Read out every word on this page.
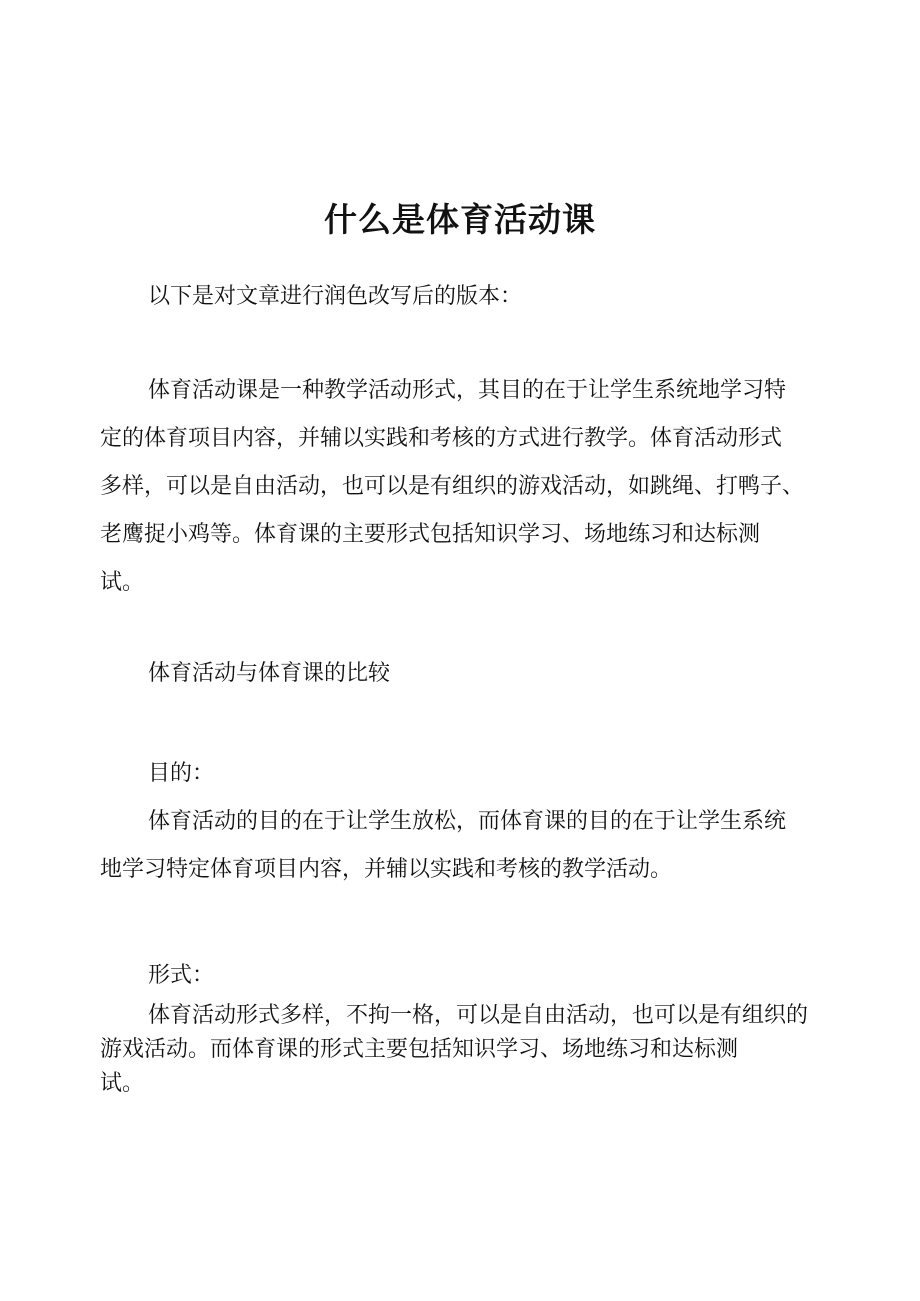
什么是体育活动课

以下是对文章进行润色改写后的版本：

体育活动课是一种教学活动形式，其目的在于让学生系统地学习特
定的体育项目内容，并辅以实践和考核的方式进行教学。体育活动形式
多样，可以是自由活动，也可以是有组织的游戏活动，如跳绳、打鸭子、
老鹰捉小鸡等。体育课的主要形式包括知识学习、场地练习和达标测
试。

体育活动与体育课的比较

目的：

体育活动的目的在于让学生放松，而体育课的目的在于让学生系统
地学习特定体育项目内容，并辅以实践和考核的教学活动。

形式：

体育活动形式多样，不拘一格，可以是自由活动，也可以是有组织的
游戏活动。而体育课的形式主要包括知识学习、场地练习和达标测
试。
